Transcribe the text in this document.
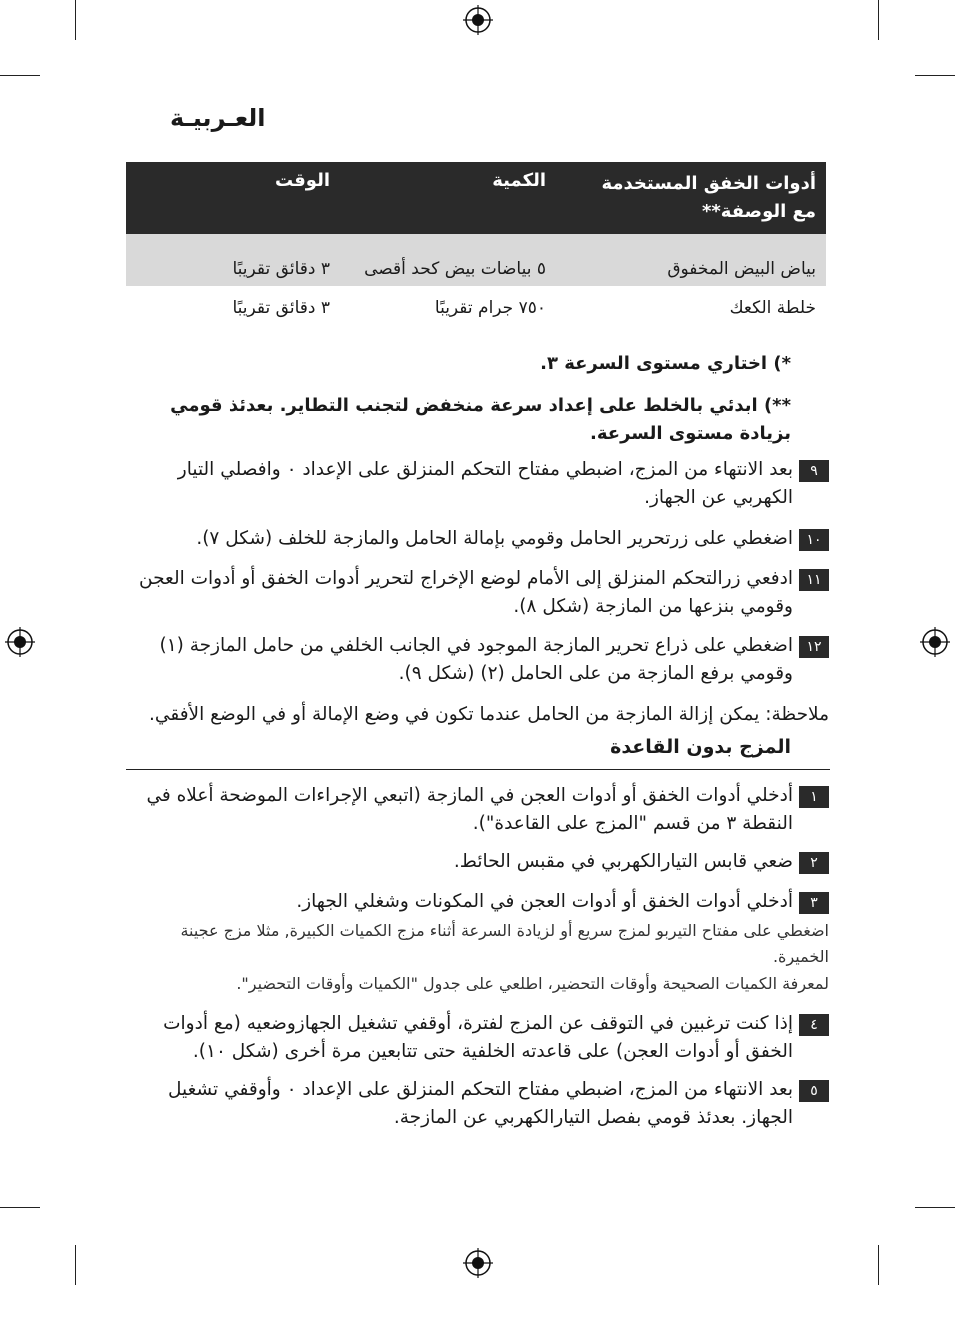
العـربيـة
أدوات الخفق المستخدمة مع الوصفة**
الكمية
الوقت
بياض البيض المخفوق
٥ بياضات بيض كحد أقصى
٣ دقائق تقريبًا
خلطة الكعك
٧٥٠ جرام تقريبًا
٣ دقائق تقريبًا
*) اختاري مستوى السرعة ٣.
**) ابدئي بالخلط على إعداد سرعة منخفض لتجنب التطاير. بعدئذ قومي بزيادة مستوى السرعة.
٩
بعد الانتهاء من المزج، اضبطي مفتاح التحكم المنزلق على الإعداد ٠ وافصلي التيار الكهربي عن الجهاز.
١٠
اضغطي على زرتحرير الحامل وقومي بإمالة الحامل والمازجة للخلف (شكل ٧).
١١
ادفعي زرالتحكم المنزلق إلى الأمام لوضع الإخراج لتحرير أدوات الخفق أو أدوات العجن وقومي بنزعها من المازجة (شكل ٨).
١٢
اضغطي على ذراع تحرير المازجة الموجود في الجانب الخلفي من حامل المازجة (١) وقومي برفع المازجة من على الحامل (٢) (شكل ٩).
ملاحظة: يمكن إزالة المازجة من الحامل عندما تكون في وضع الإمالة أو في الوضع الأفقي.
المزج بدون القاعدة
١
أدخلي أدوات الخفق أو أدوات العجن في المازجة (اتبعي الإجراءات الموضحة أعلاه في النقطة ٣ من قسم "المزج على القاعدة").
٢
ضعي قابس التيارالكهربي في مقبس الحائط.
٣
أدخلي أدوات الخفق أو أدوات العجن في المكونات وشغلي الجهاز.
اضغطي على مفتاح التيربو لمزج سريع أو لزيادة السرعة أثناء مزج الكميات الكبيرة, مثلا مزج عجينة الخميرة.
لمعرفة الكميات الصحيحة وأوقات التحضير، اطلعي على جدول "الكميات وأوقات التحضير".
٤
إذا كنت ترغبين في التوقف عن المزج لفترة، أوقفي تشغيل الجهازوضعيه (مع أدوات الخفق أو أدوات العجن) على قاعدته الخلفية حتى تتابعين مرة أخرى (شكل ١٠).
٥
بعد الانتهاء من المزج، اضبطي مفتاح التحكم المنزلق على الإعداد ٠ وأوقفي تشغيل الجهاز. بعدئذ قومي بفصل التيارالكهربي عن المازجة.
